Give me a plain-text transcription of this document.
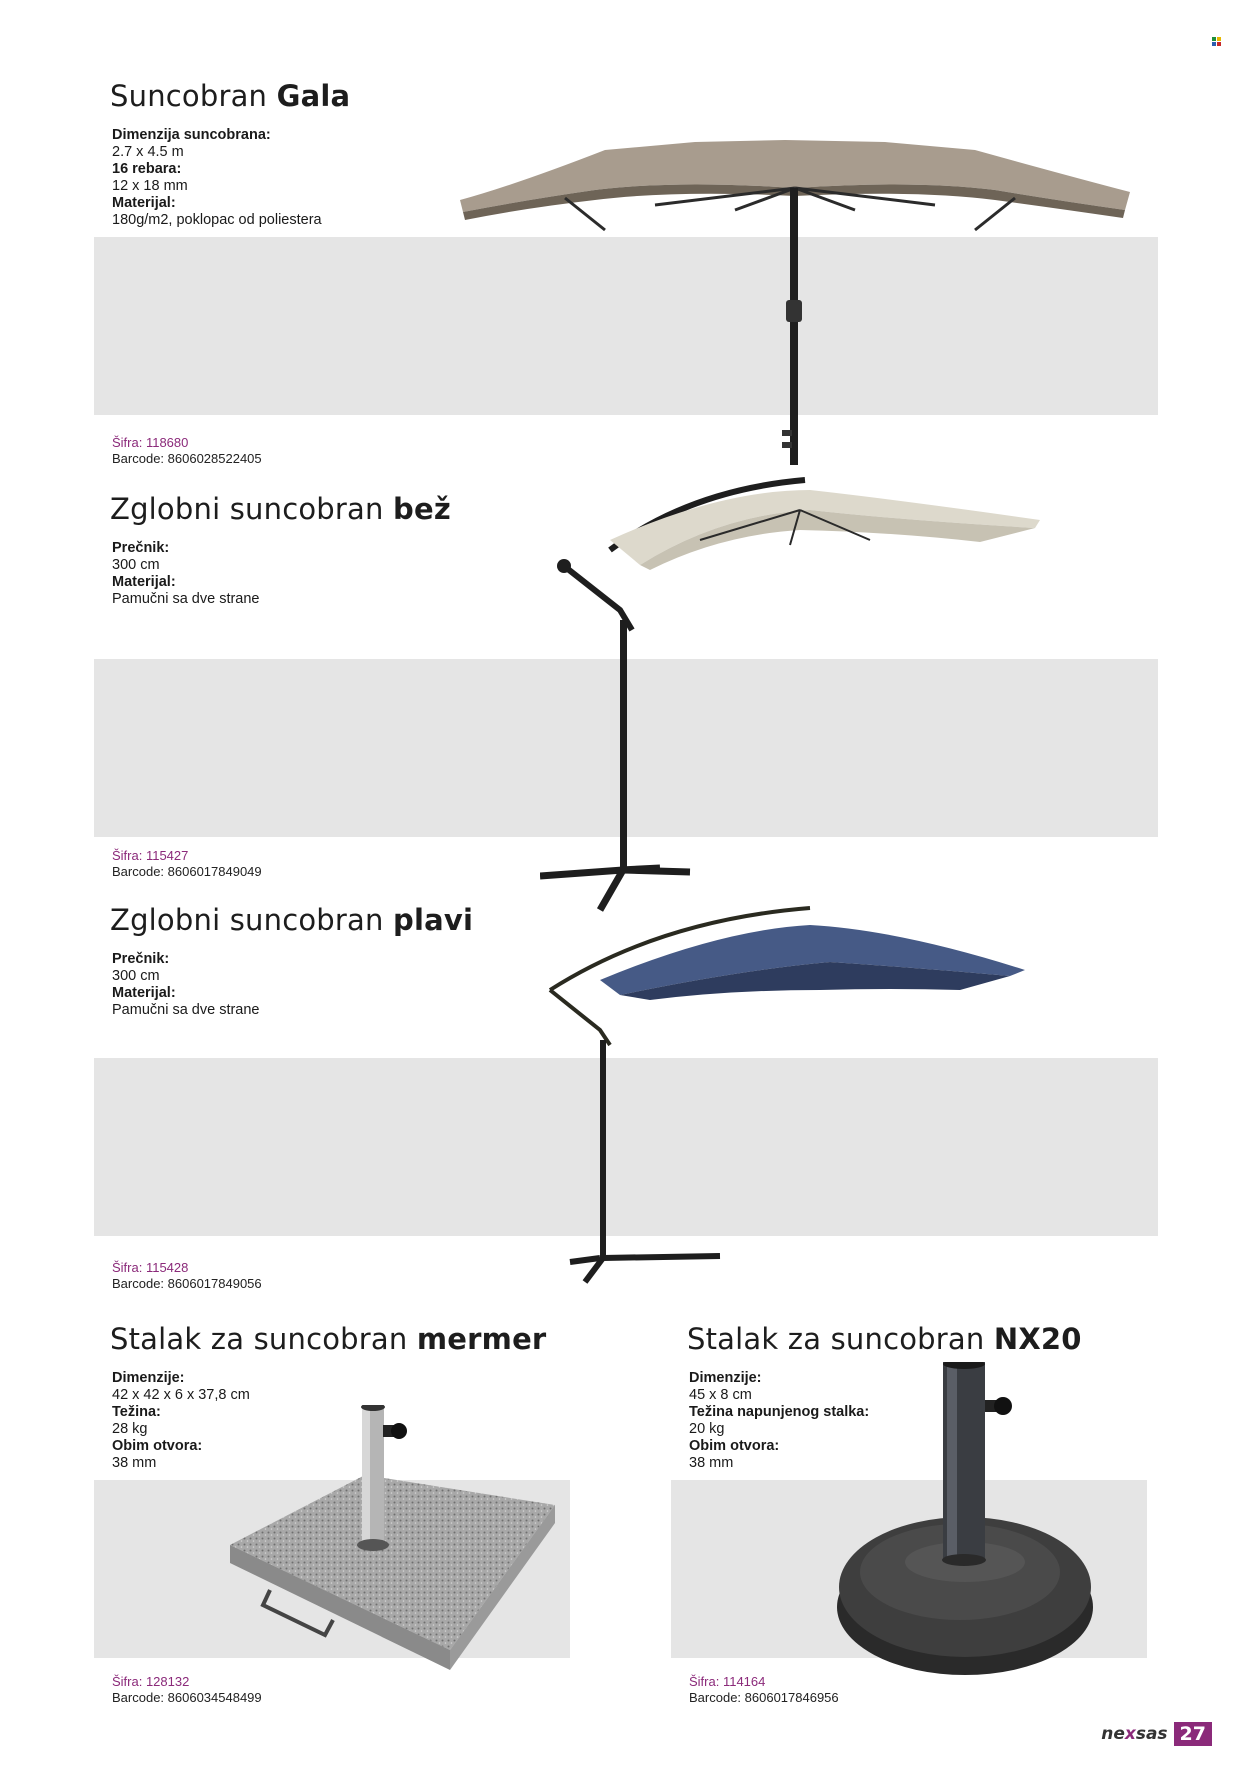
Suncobran Gala
Dimenzija suncobrana:
2.7 x 4.5 m
16 rebara:
12 x 18 mm
Materijal:
180g/m2, poklopac od poliestera
Šifra: 118680
Barcode: 8606028522405
Zglobni suncobran bež
Prečnik:
300 cm
Materijal:
Pamučni sa dve strane
Šifra: 115427
Barcode: 8606017849049
Zglobni suncobran plavi
Prečnik:
300 cm
Materijal:
Pamučni sa dve strane
Šifra: 115428
Barcode: 8606017849056
Stalak za suncobran mermer
Dimenzije:
42 x 42 x 6 x 37,8 cm
Težina:
28 kg
Obim otvora:
38 mm
Šifra: 128132
Barcode: 8606034548499
Stalak za suncobran NX20
Dimenzije:
45 x 8 cm
Težina napunjenog stalka:
20 kg
Obim otvora:
38 mm
Šifra: 114164
Barcode: 8606017846956
nexsas 27
